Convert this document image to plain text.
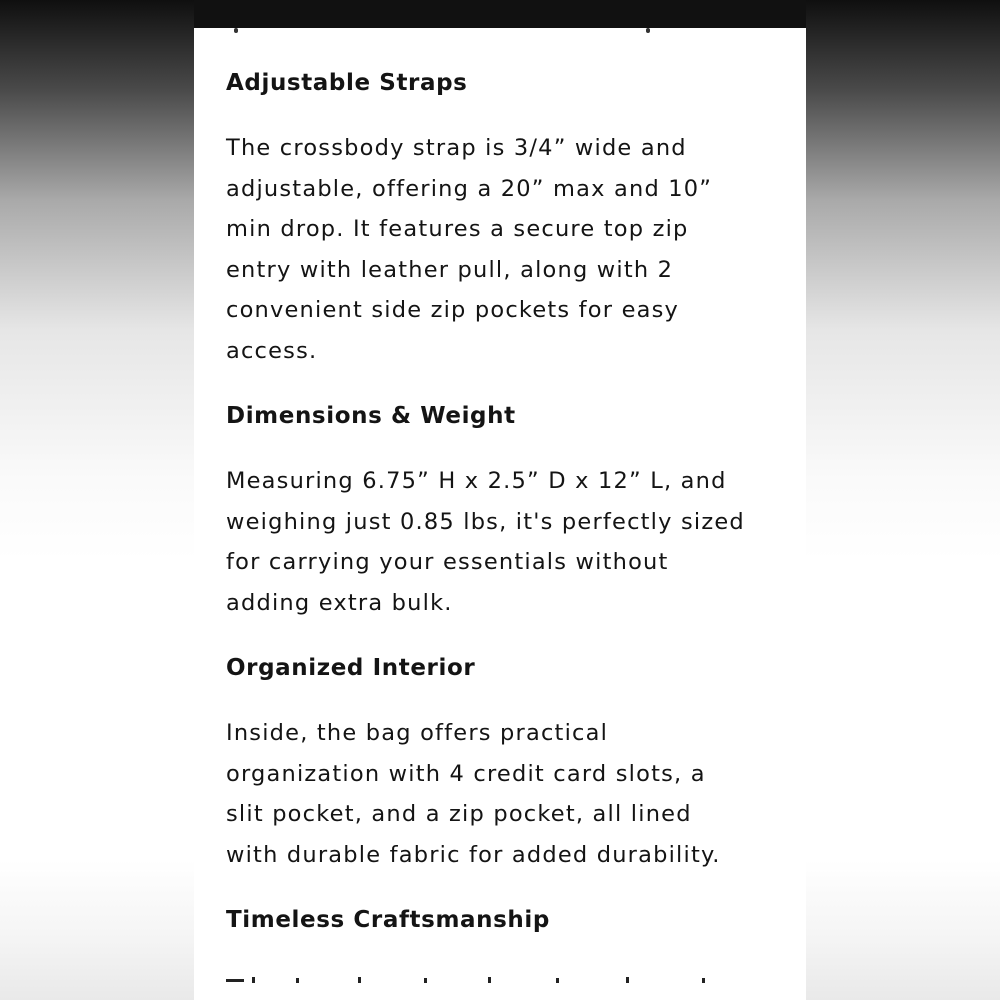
Adjustable Straps
The crossbody strap is 3/4” wide and
adjustable, offering a 20” max and 10”
min drop. It features a secure top zip
entry with leather pull, along with 2
convenient side zip pockets for easy
access.
Dimensions & Weight
Measuring 6.75” H x 2.5” D x 12” L, and
weighing just 0.85 lbs, it's perfectly sized
for carrying your essentials without
adding extra bulk.
Organized Interior
Inside, the bag offers practical
organization with 4 credit card slots, a
slit pocket, and a zip pocket, all lined
with durable fabric for added durability.
Timeless Craftsmanship
